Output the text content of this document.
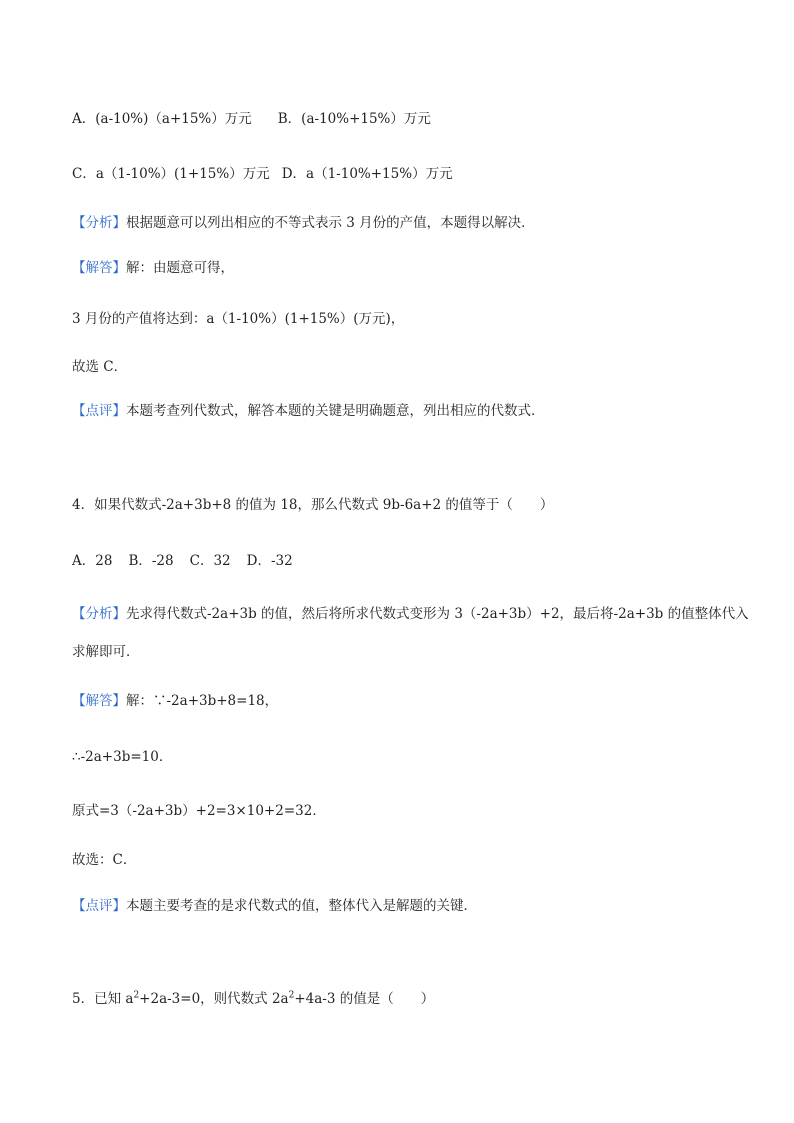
A．(a-10%)（a+15%）万元 B．(a-10%+15%）万元
C．a（1-10%）(1+15%）万元 D．a（1-10%+15%）万元
【分析】根据题意可以列出相应的不等式表示 3 月份的产值，本题得以解决．
【解答】解：由题意可得，
3 月份的产值将达到：a（1-10%）(1+15%）(万元)，
故选 C．
【点评】本题考查列代数式，解答本题的关键是明确题意，列出相应的代数式．
4．如果代数式-2a+3b+8 的值为 18，那么代数式 9b-6a+2 的值等于（　　）
A．28 B．-28 C．32 D．-32
【分析】先求得代数式-2a+3b 的值，然后将所求代数式变形为 3（-2a+3b）+2，最后将-2a+3b 的值整体代入
求解即可．
【解答】解：∵-2a+3b+8=18，
∴-2a+3b=10．
原式=3（-2a+3b）+2=3×10+2=32．
故选：C．
【点评】本题主要考查的是求代数式的值，整体代入是解题的关键．
5．已知 $a^2+2a-3=0$，则代数式 $2a^2+4a-3$ 的值是（　　）
